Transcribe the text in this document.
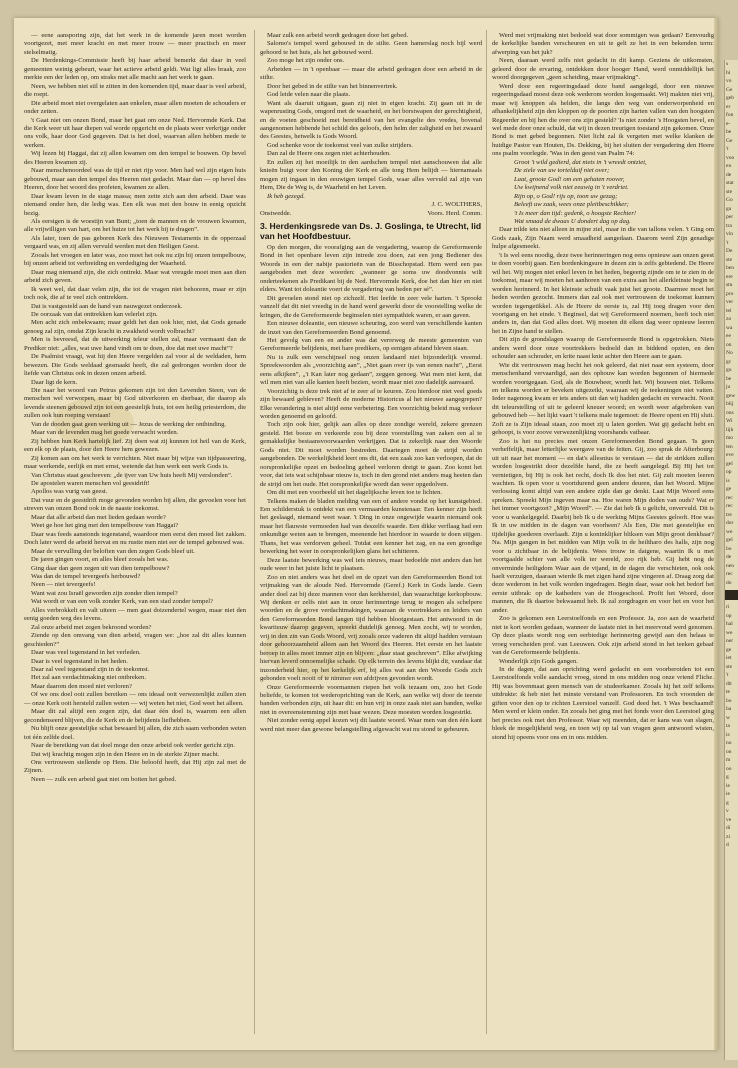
— eene aansporing zijn, dat het werk in de komende jaren moet worden voortgezet, met meer kracht en met meer trouw — meer practisch en meer stelselmatig.

De Herdenkings-Commissie heeft bij haar arbeid bemerkt dat daar in veel gemeenten weinig gebeurt, waar het actieve arbeid geldt. Wat ligt alles braak, zoo merkte een der leden op, om straks met alle macht aan het werk te gaan.

Neen, we hebben niet stil te zitten in den komenden tijd, maar daar is veel arbeid, die roept.

Die arbeid moet niet overgelaten aan enkelen, maar allen moeten de schouders er onder zetten.

't Gaat niet om onzen Bond, maar het gaat om onze Ned. Hervormde Kerk. Dat die Kerk weer uit haar diepen val worde opgericht en de plaats weer verkrijge onder ons volk, haar door God gegeven. Dat is het doel, waarvan allen hebben mede te werken.

Wij lezen bij Haggai, dat zij allen kwamen om den tempel te bouwen. Op bevel des Heeren kwamen zij.

Naar menschenoordeel was de tijd er niet rijp voor. Men had wel zijn eigen huis gebouwd, maar aan den tempel des Heeren niet gedacht. Maar dan — op bevel des Heeren, door het woord des profeten, kwamen ze allen.

Daar kwam leven in de stage massa; men zette zich aan den arbeid. Daar was niemand onder hen, die ledig was. Een elk was met den bouw in eenig opzicht bezig.

Als eerstgen is de woestijn van Bunt; „toen de mannen en de vrouwen kwamen, alle vrijwilligen van hart, om het huize tot het werk bij te dragen”.

Als later, toen de pas geboren Kerk des Nieuwen Testaments in de opperzaal vergaard was, en zij allen vervuld werden met den Heiligen Geest.

Zooals het vroegen en later was, zoo moet het ook nu zijn bij onzen tempelbouw, bij onzen arbeid tot verbreiding en verdediging der Waarheid.

Daar mag niemand zijn, die zich onttrekt. Maar wat vreugde moet men aan dien arbeid zich geven.

Ik weet wel, dat daar velen zijn, die tot de vragen niet behooren, maar er zijn toch ook, die af te veel zich onttrekken.

Dat is vastgesteld aan de hand van nauwgezet onderzoek.

De oorzaak van dat onttrekken kan velerlei zijn.

Men acht zich onbekwaam; maar geldt het dan ook hier, niet, dat Gods genade genoeg zal zijn, omdat Zijn kracht in zwakheid wordt volbracht?

Men is bevreesd, dat de uitwerking teleur stellen zal, maar vermaant dan de Prediker niet: „alles, wat uwe hand vindt om te doen, doe dat met uwe macht”?

De Psalmist vraagt, wat hij den Heere vergelden zal voor al de weldaden, hem bewezen. Die Gods weldaad gesmaakt heeft, die zal gedrongen worden door de liefde van Christus ook in dezen onzen arbeid.

Daar ligt de kern.

Die naar het woord van Petrus gekomen zijn tot den Levenden Steen, van de menschen wel verworpen, maar bij God uitverkoren en dierbaar, die daarop als levende steenen gebouwd zijn tot een geestelijk huis, tot een heilig priesterdom, die zullen ook hun roeping verstaan!

Van de dooden gaat geen werking uit — Jezus de werking der ontbinding.

Maar van de levenden mag het goede verwacht worden.

Zij hebben hun Kerk hartelijk lief. Zij doen wat zij kunnen tot heil van de Kerk, een elk op de plaats, door den Heere hem gewezen.

Zij komen aan om het werk te verrichten. Niet maar bij wijze van tijdpasseering, maar werkende, eerlijk en met ernst, wetende dat hun werk een werk Gods is.

Van Christus staat geschreven: „de ijver van Uw huis heeft Mij verslonden”.

De apostelen waren menschen vol geestdrift!

Apollos was vurig van geest.

Dat vuur en de geestdrift moge gevonden worden bij allen, die gevoelen voor het streven van onzen Bond ook in de naaste toekomst.

Maar dat alle arbeid dan met lieden gedaan worde?

Weet ge hoe het ging met den tempelbouw van Haggai?

Daar was feeds aanstonds tegenstand, waardoor men eerst den moed liet zakken. Doch later werd de arbeid hervat en nu rustte men niet eer de tempel gebouwd was.

Maar de vervulling der beloften van den zegen Gods bleef uit.

De jaren gingen voort, en alles bleef zooals het was.

Ging daar dan geen zegen uit van dien tempelbouw?

Was dan de tempel tevergeefs herbouwd?

Neen — niet tevergeefs!

Want wat zou Israël geworden zijn zonder dien tempel?

Wat wordt er van een volk zonder Kerk, van een stad zonder tempel?

Alles verbrokkelt en valt uiteen — men gaat doizendertel wegen, maar niet den eenig goeden weg des levens.

Zal onze arbeid met zegen bekroond worden?

Ziende op den omvang van dien arbeid, vragen we: „hoe zal dit alles kunnen geschieden?”

Daar was veel tegenstand in het verleden.

Daar is veel tegenstand in het heden.

Daar zal veel tegenstand zijn in de toekomst.

Het zal aan verdachtmaking niet ontbreken.

Maar daarom den moed niet verloren?

Of we ons doel ooit zullen bereiken — ons ideaal ooit verwezenlijkt zullen zien — onze Kerk ooit hersteld zullen weten — wij weten het niet, God weet het alleen.

Maar dit zal altijd een zegen zijn, dat daar één doel is, waarom een allen gecondenseerd blijven, die de Kerk en de belijdenis liefhebben.

Nu blijft onze geestelijke schat bewaard bij allen, die zich saam verbonden weten tot één zelfde doel.

Naar de bereiking van dat doel moge den onze arbeid ook verder gericht zijn.

Dat wij krachtig mogen zijn in den Heere en in de sterkte Zijner macht.

Ons vertrouwen stellende op Hem. Die beloofd heeft, dat Hij zijn zal met de Zijnen.

Neen — zulk een arbeid gaat niet om boiten het gebed.

Maar zulk een arbeid wordt gedragen door het gebed.

Salomo's tempel werd gebouwd in de stilte. Geen hamerslag noch bijl werd gehoord te het huis, als het gebouwd werd.

Zoo moge het zijn onder ons.

Arbeiden — in 't openbaar — maar die arbeid gedragen door een arbeid in de stilte.

Door het gebed in de stilte van het binnenvertrek.

God leide velen naar die plaats.

Want als daaruit uitgaan, gaan zij niet in eigen kracht. Zij gaan uit in de wapenrusting Gods, omgord met de waarheid, en het borstwapen der gerechtigheid, en de voeten geschoeid met bereidheid van het evangelie des vredes, bovenal aangenomen hebbende het schild des geloofs, den helm der zaligheid en het zwaard des Geestes, hetwelk is Gods Woord.

God schenke voor de toekomst veel van zulke strijders.

Dan zal de Heere ons zegen niet achterhouden.

En zullen zij het moeilijk in den aardschen tempel niet aanschouwen dat alle knieën buigt voor den Koning der Kerk en alle tong Hem belijdt — hiernamaals mogen zij ingaan in den eeuwigen tempel Gods, waar alles vervuld zal zijn van Hem, Die de Weg is, de Waarheid en het Leven.

Ik heb gezegd.

J. C. WOLTHERS,

Onstwedde.	Voors. Herd. Comm.
3. Herdenkingsrede van Ds. J. Goslinga, te Utrecht, lid van het Hoofdbestuur.

Op den morgen, die voorafging aan de vergadering, waarop de Gereformeerde Bond in het openbare leven zijn intrede zou doen, zat een jong Bediener des Woords in een der nabije pastorieën van de Bisschopstad. Hem werd een pas aangeboden met deze woorden: „wanneer ge soms uw doodvonnis wilt onderteekenen als Predikant bij de Ned. Hervormde Kerk, doe het dan hier en niet elders. Want tot doleantie voert de vergadering van heden per sé”.

Dit gevoelen stond niet op zichzelf. Het leefde in zeer vele harten. 't Sprookt vanzelf dat dit niet vreedig in de hand werd gewerkt door de voorstelling welke de kringen, die de Gereformeerde beginselen niet sympathiek waren, er aan gaven.

Een nieuwe doleantie, een nieuwe scheuring, zoo werd van verschillende kanten de inzet van den Gereformeerden Bond genoemd.

Het gevolg van een en ander was dat verreweg de meeste gemeenten van Gereformeerde belijdenis, met hare predikers, op eenigen afstand bleven staan.

Nu is zulk een verschijnsel nog onzen landaard niet bijzonderlijk vreemd. Spreekwoorden als „voorzichtig aan”, „Niet gaan over ijs van eenen nacht”, „Eerst eens afkijken”, „'t Kan later nog gedaan”, zeggen genoeg. Wat men niet kent, dat wil men niet van alle kanten heeft bezien, wordt maar niet zoo dadelijk aanvaard.

Voorzichtig is deze trek niet af te zeer af te keuren. Zou hierdoor niet veel goeds zijn bewaard gebleven? Heeft de moderne Historicus al het nieuwe aangegrepen? Elke verandering is niet altijd eene verbetering. Een voorzichtig beleid mag verkeer worden genoemd en geloofd.

Toch zijn ook hier, gelijk aan alles op deze zondige wereld, zekere grenzen gesteld. Het booze en verkeerde zou bij deze voorstelling van zaken een al te gemakkelijke bestaansvoorwaarden verkrijgen. Dat is zekerlijk naar den Woorde Gods niet. Dit moet worden bestreden. Daartegen moet de strijd worden aangebonden. De werkelijkheid leert ons dit, dat een zaak zoo kan verloopen, dat de oorspronkelijke opzet en bedoeling geheel verloren dreigt te gaan. Zoo komt het voor, dat iets wat schijnbaar nieuw is, toch in den grond niet anders mag heeten dan de strijd om het oude. Het oorspronkelijke wordt dan weer opgedolven.

Om dit met een voorbeeld uit het dagelijksche leven toe te lichten.

Telkens maken de bladen melding van een of andere vondst op het kunstgebied. Een schilderstuk is ontdekt van een vermaarden kunstenaar. Een kenner zijn heeft het geslaagd, niemand weet waar. 't Ding in onze ongewijde waarin niemand ook maar het flauwste vermoeden had van deszelfs waarde. Een dikke verflaag had een onkundige weten aan te brengen, meenende het hierdoor in waarde te doen stijgen. Thans, het was verdorven geheel. Totdat een kenner het zag, en na een grondige bewerking het weer in oorspronkelijken glans het schitteren.

Deze laatste bewerking was wel iets nieuws, maar bedoelde niet anders dan het oude weer in het juiste licht te plaatsen.

Zoo en niet anders was het doel en de opzet van den Gereformeerden Bond tot vrijmaking van de aloude Ned. Hervormde (Geref.) Kerk in Gods lande. Geen ander doel zat bij deze mannen voor dan kerkherstel, dan waarachtige kerkopbouw. Wij denken er zelfs niet aan in onze herinneringe terug te mogen als schelpere woorden en de grove verdachtmakingen, waaraan de voortrekkers en leiders van den Gereformeerden Bond langen tijd hebben blootgestaan. Het antwoord in de kwartieuw daarop gegeven, spreekt duidelijk genoeg. Men zocht, wij te worden, vrij in den zin van Gods Woord, vrij zooals onze vaderen dit altijd hadden verstaan door gehoorzaamheid alleen aan het Woord des Heeren. Het eerste en het laatste beroep in alles moet immer zijn en blijven: „daar staat geschreven”. Elke afwijking hiervan leverd onnoemelijke schade. Op elk terrein des levens blijkt dit, vandaar dat inzonderheid hier, op het kerkelijk erf, bij alles wat aan den Woorde Gods zich gebonden voelt nooit of te nimmer een afdrijven gevonden wordt.

Onze Gereformeerde voormannen riepen het volk tezaam om, zoo het Gode beliefde, te komen tot wederoprichting van de Kerk, aan welke wij door de teerste banden verbonden zijn, uit haar dit: en hun vrij in onze zaak niet aan banden, welke niet in overeenstemming zijn met haar wezen. Deze moesten worden losgestrikt.

Niet zonder eenig appel kozen wij dit laatste woord. Waar men van den één kant werd niet meer dan gewone belangstelling afgewacht wat nu stond te gebeuren.

Werd met vrijmaking niet bedoeld wat door sommigen was gedaan? Eenvoudig de kerkelijke banden verscheuren en uit te gelt ze het in een bekenden term: afwerping van het juk?

Neen, daaraan werd zelfs niet gedacht in dit kamp. Geziens de uitkomsten, geleerd door de ervaring, ontdekken door hooger Hand, werd onmiddellijk het woord doorgegeven „geen scheiding, maar vrijmaking”.

Werd door een regeeringsdaad deze band aangelegd, door een nieuwe regeeringsdaad moest deze ook wederom worden losgemaakt. Wij makten niet vrij, maar wij knoppen als helden, die langs den weg van onderworpenheid en afhankelijkheid zijn den kloppen op de poorten zijn harten vallen van den hoogsten Regeerder en bij hen die over ons zijn gesteld? 'Is niet zonder 's Hoogsten bevel, en wel mede door onze schuld, dat wij in dezen treurigen toestand zijn gekomen. Onze Bond is met gebed begonnen. Niet licht zal ik vergeten met welke klanken de huidige Pastor van Houten, Ds. Dekking, bij het sluiten der vergadering den Heere ons psalm voorlegde. 'Was in den geest van Psalm 74:

Groot 't wild gedierd, dat niets in 't wreedt ontziet,

De ziele van uw tortelduif niet over;

Laat, groote God! om een gehaten roover,

Uw kwijnend volk niet eeuwig in 't verdriet.

Rijn op, o God! rijs op, toon uw gezag;

Beleeft uw zaak, wees onze pleitbeschikker;

't Is meer dan tijd: gedenk, o hoogste Rechter!

Wat smaad de dwaas U dondert dag op dag.

Daar trilde iets niet alleen in mijne ziel, maar in die van tallons velen. 't Ging om Gods zaak, Zijn Naam werd smaadheid aangedaan. Daarom werd Zijn genadige hulpe afgesmeekt.

't Is wel eens noodig, deze twee herinneringen nog eens opnieuw aan onzen geest te doen voorbij gaan. Een bordenkingsure in dezen zin is zelfs gebiedend. De Heere wil het. Wij mogen niet enkel leven in het heden, begeerig zijnde om te te zien in de toekomst, maar wij moeten het aanhoren van een extra aan het allerkleinste begin te worden herinnerd. In het kleinste schuilt vaak juist het groote. Daarmee moet het heden worden gezocht. Immers dan zal ook met vertrouwen de toekomst kunnen worden tegengetikkel. Als de Heere de eerste is, zal Hij toeg dragen voor den voortgang en het einde. 't Beginsel, dat wij Gereformeerd noemen, heeft toch niet anders in, dan dat God alles doet. Wij moeten dit elken dag weer opnieuw leeren het in Zijne hand te stellen.

Dit zijn de grondslagen waarop de Gereformeerde Bond is opgetrokken. Niets anders werd door onze voortrekkers bedoeld dan in biddend opzien, en den schouder aan schouder, en krite naast knie achter den Heere aan te gaan.

Wie dit vertrouwen mag hecht het ook geleerd, dat niet naar een systeem, door menschenhand vervaardigd, aan des ophouw kan worden begonnen of hiermede worden voortgegaan. God, als de Bouwheer, wordt het. Wij bouwen niet. Telkens en telkens worden er beveken uitgezeikt, waaraan wij de teekeningen niet vatten. Ieder nagenoeg kwam er iets anders uit dan wij hadden gedacht en verwacht. Nooit dit teleurstelling of uit te geleerd kneuer woord; en wordt weer afgebroken van gebouwd heb — het lijkt vaart 't telkens male tegemoet: de Heere opent en Hij sluit. Zoft ze is Zijn ideaal staan, zoo moet zij u laten gorden. Wat gij gedacht hebt en gehoopt, is voor zoove verwezenlijking voorshands vatbaar.

Zoo is het nu precies met onzen Gereformeerden Bond gegaan. 'Is geen verheffelijk, maar letterlijke weergave van de feiten. Gij, zoo sprak de Afterbourg: uit uit naar het moment — en dat's allesnius te verstaan — dat de strikken zullen worden losgestrikt door dezelfde hand, die ze heeft aangelegd. Bij Hij het tot vernietigen, bij Hij is ook het recht, doch Ik dos het niet. Gij zult moeten leeren wachten. Ik open voor u voortdurend geen andere deuren, dan het Woord. Mijne verlossing komt altijd van een andere zijde dan ge denkt. Laat Mijn Woord eens spreken. Spreekt Mijn ingeven maar na. Hoe waren Mijn doden van ouds? Wat er het immer voortgezet? „Mijn Woord”. — Zie dat heb Ik u gelicht, onvervuld. Dit is voor u wankelgegeld. Daarbij heb Ik u de werking Mijns Geestes gelooft. Hoe was Ik in uw midden in de dagen van voorheen? Als Een, Die met geestelijke en tijdelijke goederen overlaadt. Zijn u koninklijker bliksen van Mijn groot denkbaar? Na. Mijn gangen in het midden van Mijn volk in de heiltharo des halls, zijn nog voor u zichtbaar in de belijdenis. Wees trouw in datgene, waartin Ik u met voortgaalde schier van alle volk ter wereld, zoo rijk heb. Gij hebt nog de onverminde heiligdom Waar aan de vijand, in de dagen die verschieten, ook ook haelt verzuigen, daaraan wierde Ik met zigen hand zijne vingeren af. Draag zorg dat deze wederom in het volk worden ingedragen. Begin daar, waar ook het bedorf het eerste uitbrak: op de katheders van de Hoogeschool. Profit het Woord, door mannen, die Ik daartoe bekwaamd heb. Ik zal zorgdragen en voor het en voor het ander.

Zoo is gekomen een Leerstoelfonds en een Professor. Ja, zoo aan de waarheid niet te kort worden gedaan, wanneer de laatste niet in het meervoud werd genomen. Op deze plaats wordt nog een eerbiedige herinnering gewijd aan den helaas te vroeg verscheiden prof. van Leeuwen. Ook zijn arbeid stond in het teeken gebaaf van de Gereformeerde belijdenis.

Wonderlijk zijn Gods gangen.

In de dagen, dat aan oprichting werd gedacht en een voorberoiden tot een Leerstoelfonds volle aandacht vroeg, stond in ons midden nog onze vriend Fliche. Hij was bovenmaat geen mensch van de studeerkamer. Zooals hij het zelf telkens uitdrukte: ik heb niet het minste verstand van Professoren. En toch vroonden de giften voor den op te richten Leerstoel vanzelf. God deed het. 't Was beschaamd! Men werd er klein onder. En zooals het ging met het fonds voor den Leerstoel ging het precies ook met den Professor. Waar wij meenden, dat er kans was van slagen, bleek de mogelijkheid weg, en toen wij op tal van vragen geen antwoord wisten, stond hij opeens voor ons en in ons midden.

s
hi
vo
Ge
geb
er
fon
e-
be
Ge
't
voo
en
de
stat
ste
Go
ga
per
tra
vin
't
De
ste
ben
ere
stu
pro
ver
tel
zo
wa
ee
on
No
gc
gu
be
ju
gew
blij
ons
Wi
lijk
mo
ten
eve
gel
op
is
ge
rec
rec
tre
dor
we
gel
bo
de
nen
rec
do
ri
op
hal
we
ner
ge
iet
ste
't
dit
te
bo
ba
w
ta
is
no
on
m
oo
g
ie
ie
g
v
ve
di
zi
d
